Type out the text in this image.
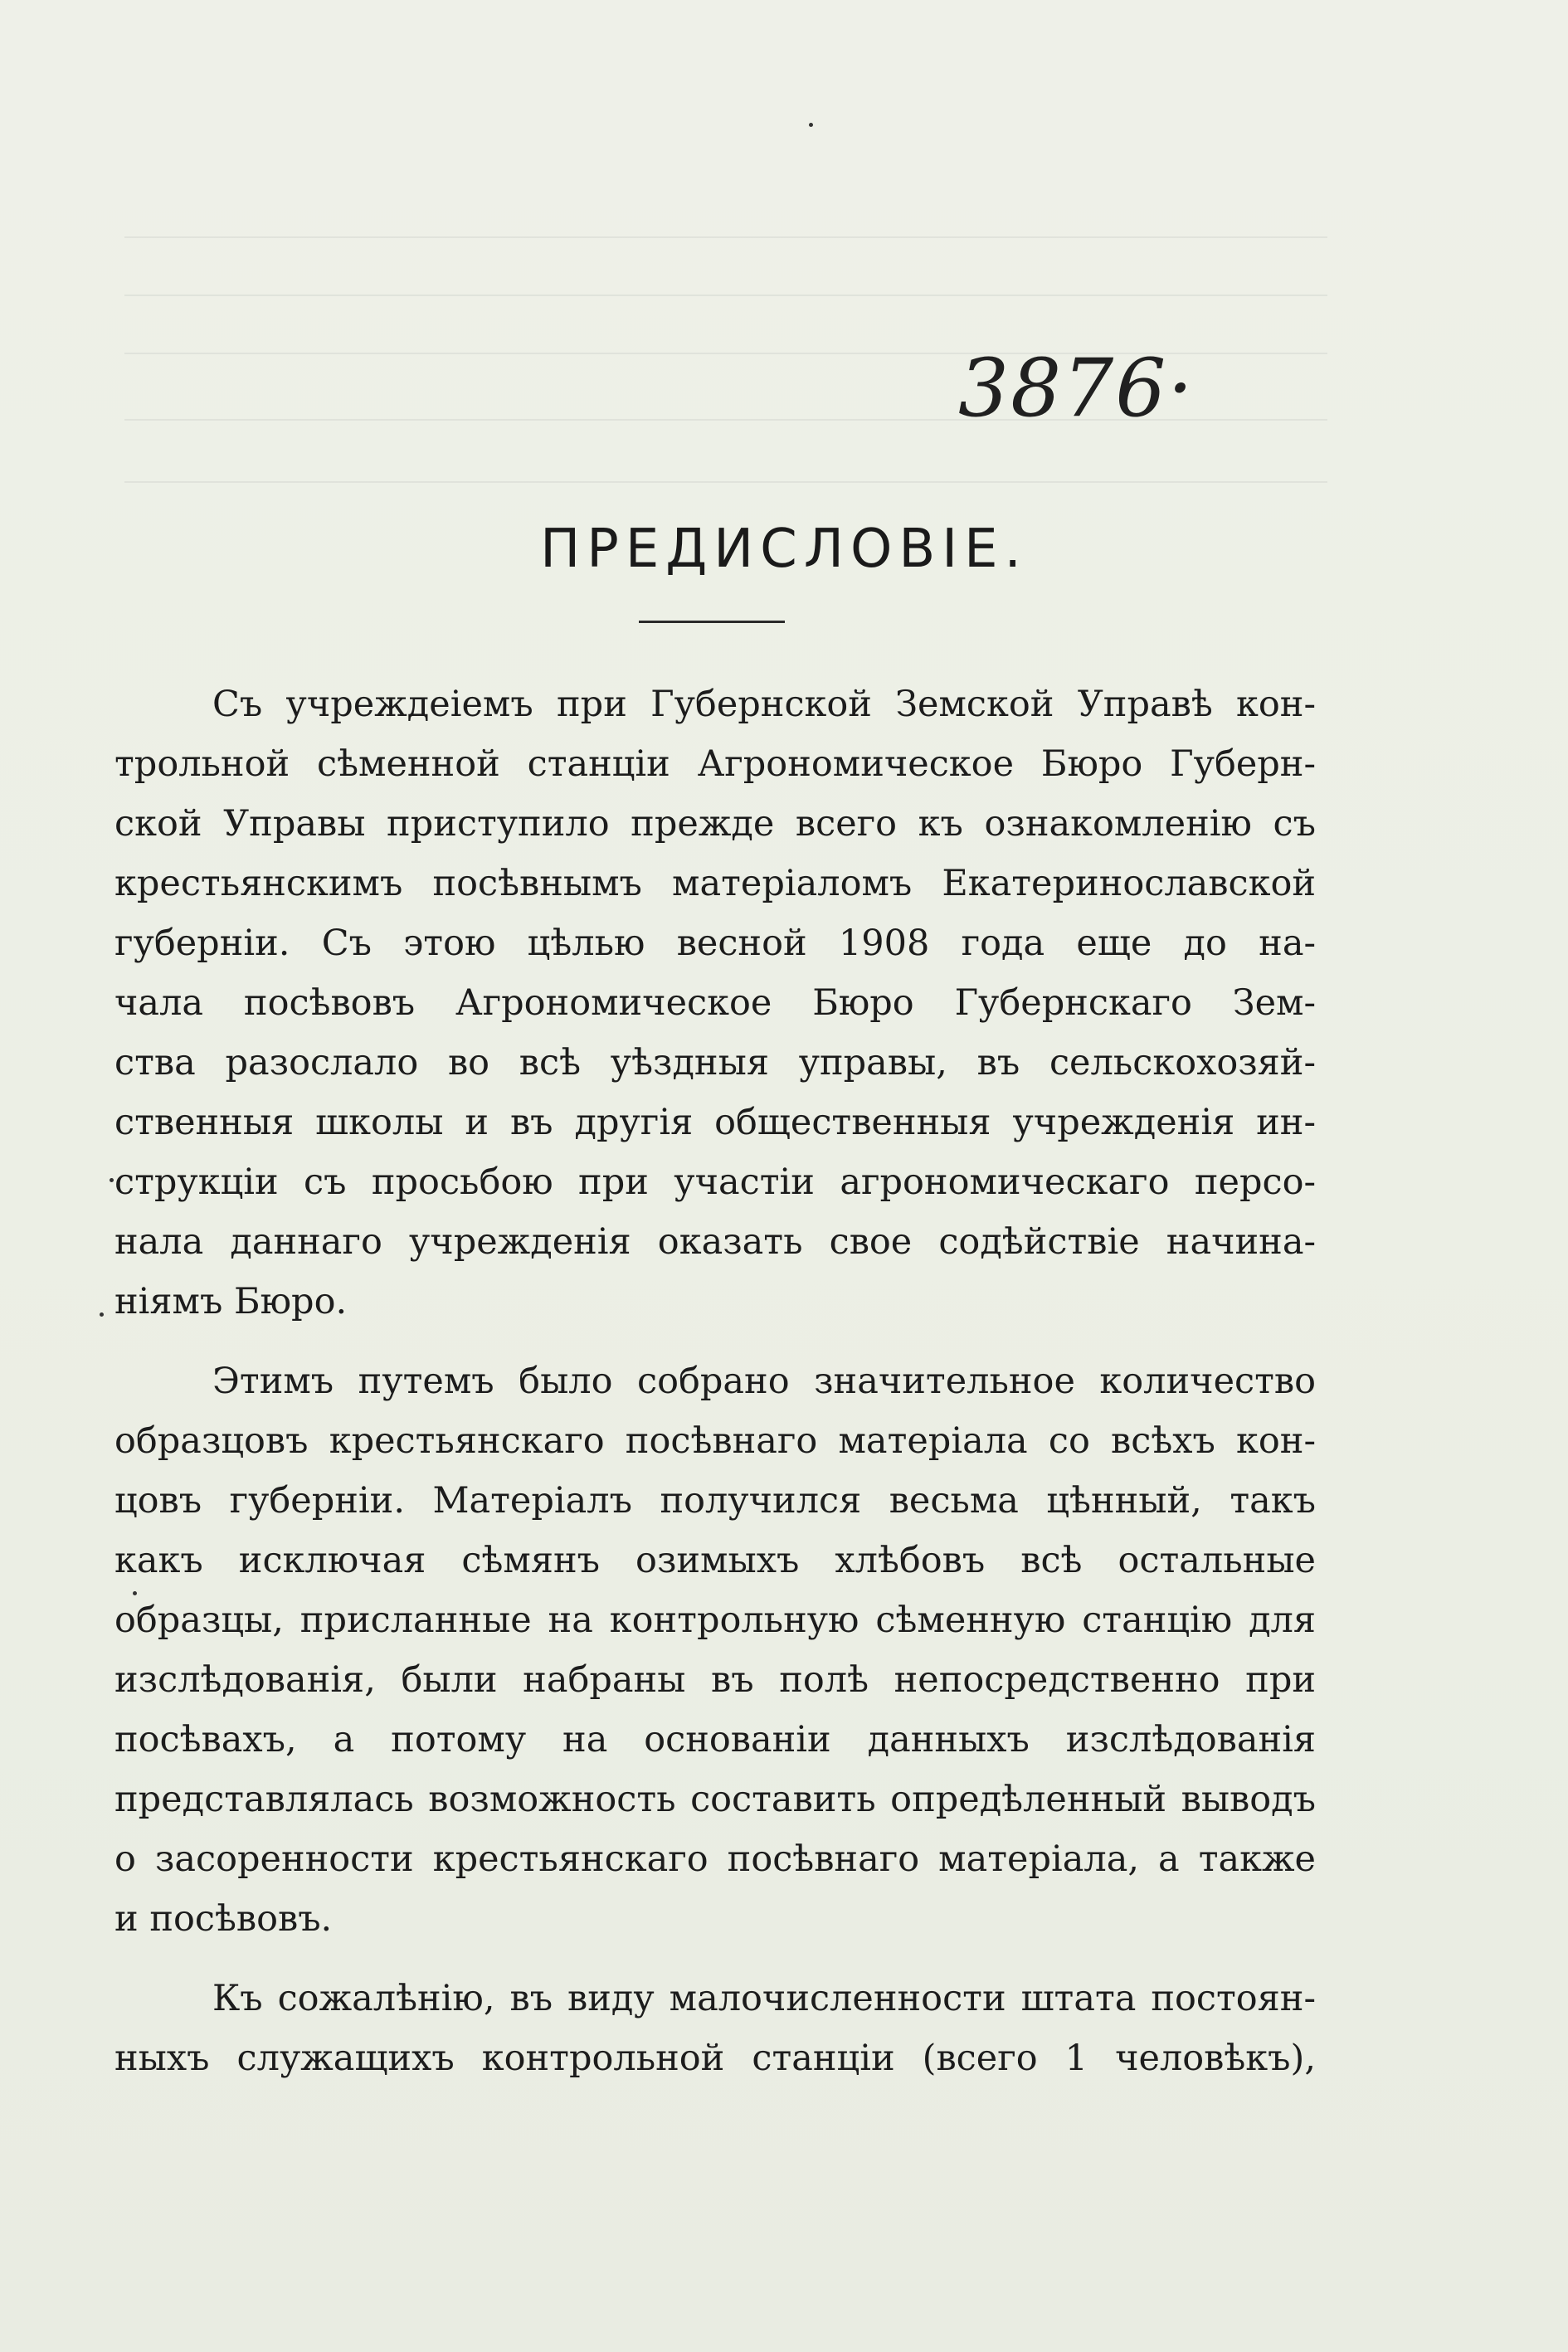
3876·
ПРЕДИСЛОВІЕ.
Съ учреждеіемъ при Губернской Земской Управѣ кон-
трольной сѣменной станціи Агрономическое Бюро Губерн-
ской Управы приступило прежде всего къ ознакомленію съ
крестьянскимъ посѣвнымъ матеріаломъ Екатеринославской
губерніи. Съ этою цѣлью весной 1908 года еще до на-
чала посѣвовъ Агрономическое Бюро Губернскаго Зем-
ства разослало во всѣ уѣздныя управы, въ сельскохозяй-
ственныя школы и въ другія общественныя учрежденія ин-
струкціи съ просьбою при участіи агрономическаго персо-
нала даннаго учрежденія оказать свое содѣйствіе начина-
ніямъ Бюро.
Этимъ путемъ было собрано значительное количество
образцовъ крестьянскаго посѣвнаго матеріала со всѣхъ кон-
цовъ губерніи. Матеріалъ получился весьма цѣнный, такъ
какъ исключая сѣмянъ озимыхъ хлѣбовъ всѣ остальные
образцы, присланные на контрольную сѣменную станцію для
изслѣдованія, были набраны въ полѣ непосредственно при
посѣвахъ, а потому на основаніи данныхъ изслѣдованія
представлялась возможность составить опредѣленный выводъ
о засоренности крестьянскаго посѣвнаго матеріала, а также
и посѣвовъ.
Къ сожалѣнію, въ виду малочисленности штата постоян-
ныхъ служащихъ контрольной станціи (всего 1 человѣкъ),
